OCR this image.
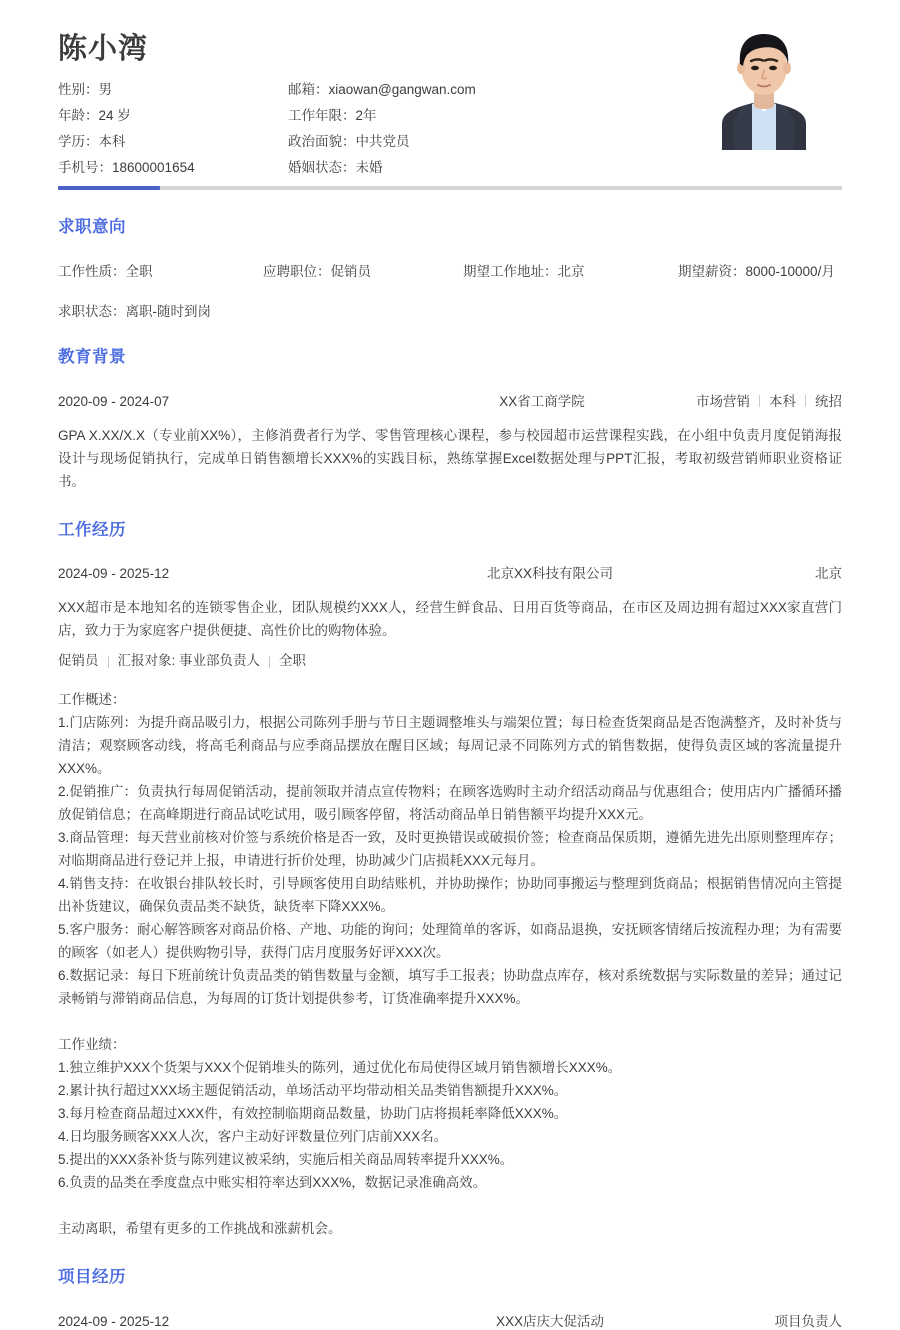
陈小湾
性别：男	邮箱：xiaowan@gangwan.com
年龄：24 岁	工作年限：2年
学历：本科	政治面貌：中共党员
手机号：18600001654	婚姻状态：未婚
求职意向
工作性质：全职	应聘职位：促销员	期望工作地址：北京	期望薪资：8000-10000/月
求职状态：离职-随时到岗
教育背景
2020-09 - 2024-07	XX省工商学院	市场营销 本科 统招

GPA X.XX/X.X（专业前XX%），主修消费者行为学、零售管理核心课程，参与校园超市运营课程实践，在小组中负责月度促销海报设计与现场促销执行，完成单日销售额增长XXX%的实践目标，熟练掌握Excel数据处理与PPT汇报，考取初级营销师职业资格证书。

工作经历
2024-09 - 2025-12	北京XX科技有限公司	北京

XXX超市是本地知名的连锁零售企业，团队规模约XXX人，经营生鲜食品、日用百货等商品，在市区及周边拥有超过XXX家直营门店，致力于为家庭客户提供便捷、高性价比的购物体验。

促销员 汇报对象: 事业部负责人 全职

工作概述：

1.门店陈列：为提升商品吸引力，根据公司陈列手册与节日主题调整堆头与端架位置；每日检查货架商品是否饱满整齐，及时补货与清洁；观察顾客动线，将高毛利商品与应季商品摆放在醒目区域；每周记录不同陈列方式的销售数据，使得负责区域的客流量提升XXX%。

2.促销推广：负责执行每周促销活动，提前领取并清点宣传物料；在顾客选购时主动介绍活动商品与优惠组合；使用店内广播循环播放促销信息；在高峰期进行商品试吃试用，吸引顾客停留，将活动商品单日销售额平均提升XXX元。

3.商品管理：每天营业前核对价签与系统价格是否一致，及时更换错误或破损价签；检查商品保质期，遵循先进先出原则整理库存；对临期商品进行登记并上报，申请进行折价处理，协助减少门店损耗XXX元每月。

4.销售支持：在收银台排队较长时，引导顾客使用自助结账机，并协助操作；协助同事搬运与整理到货商品；根据销售情况向主管提出补货建议，确保负责品类不缺货，缺货率下降XXX%。

5.客户服务：耐心解答顾客对商品价格、产地、功能的询问；处理简单的客诉，如商品退换，安抚顾客情绪后按流程办理；为有需要的顾客（如老人）提供购物引导，获得门店月度服务好评XXX次。

6.数据记录：每日下班前统计负责品类的销售数量与金额，填写手工报表；协助盘点库存，核对系统数据与实际数量的差异；通过记录畅销与滞销商品信息，为每周的订货计划提供参考，订货准确率提升XXX%。

工作业绩：

1.独立维护XXX个货架与XXX个促销堆头的陈列，通过优化布局使得区域月销售额增长XXX%。

2.累计执行超过XXX场主题促销活动，单场活动平均带动相关品类销售额提升XXX%。

3.每月检查商品超过XXX件，有效控制临期商品数量，协助门店将损耗率降低XXX%。

4.日均服务顾客XXX人次，客户主动好评数量位列门店前XXX名。

5.提出的XXX条补货与陈列建议被采纳，实施后相关商品周转率提升XXX%。

6.负责的品类在季度盘点中账实相符率达到XXX%，数据记录准确高效。

主动离职，希望有更多的工作挑战和涨薪机会。

项目经历
2024-09 - 2025-12	XXX店庆大促活动	项目负责人
